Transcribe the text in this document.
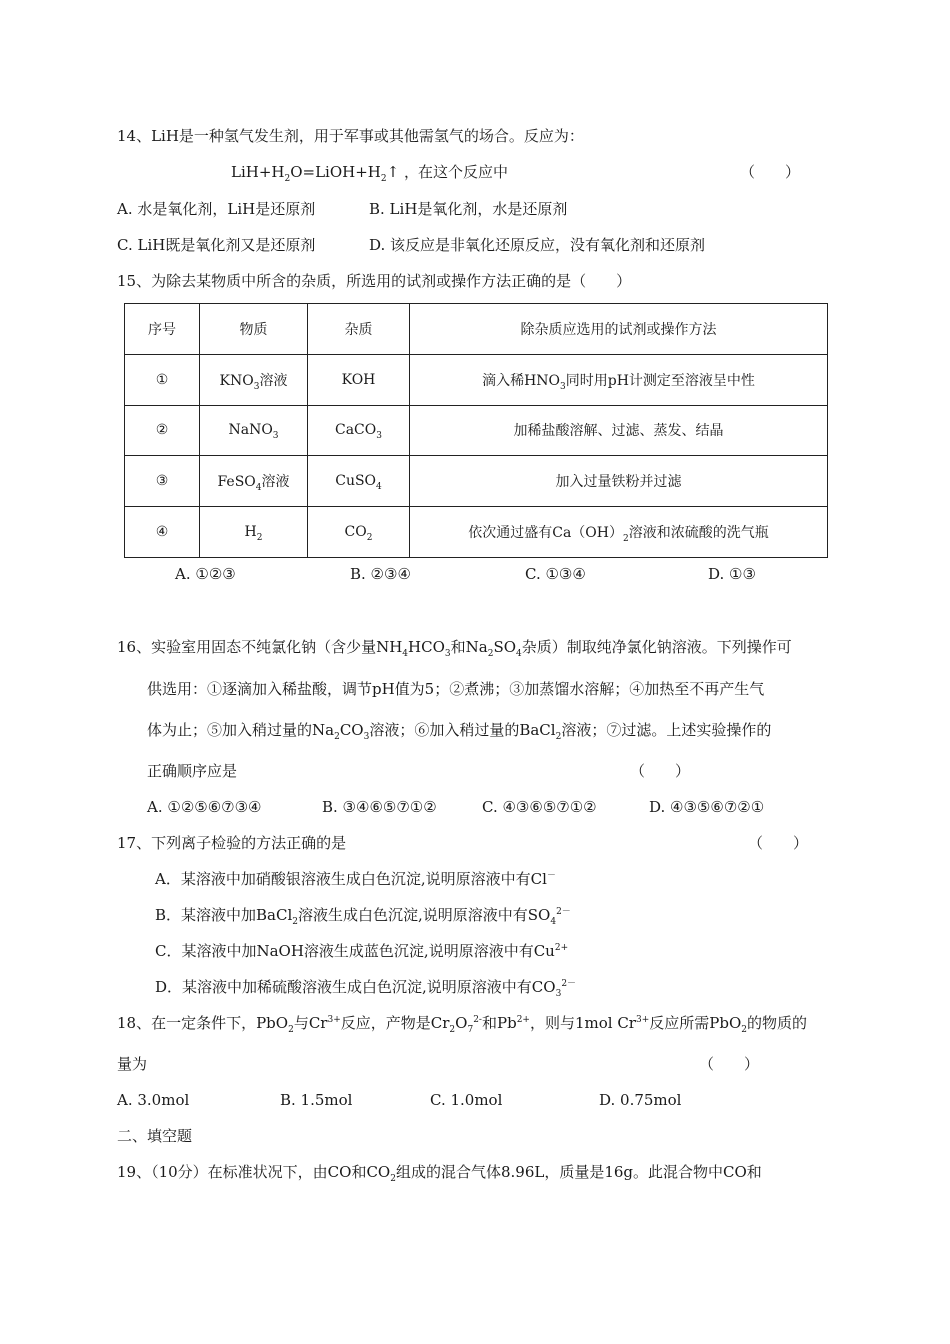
14、LiH是一种氢气发生剂，用于军事或其他需氢气的场合。反应为：
$LiH+H_2O=LiOH+H_2↑$ ， 在这个反应中	（　　）
A. 水是氧化剂，LiH是还原剂	B. LiH是氧化剂，水是还原剂
C. LiH既是氧化剂又是还原剂	D. 该反应是非氧化还原反应，没有氧化剂和还原剂
15、为除去某物质中所含的杂质，所选用的试剂或操作方法正确的是（　　）
序号	物质	杂质	除杂质应选用的试剂或操作方法
①	$KNO_3$溶液	KOH	滴入稀$HNO_3$同时用pH计测定至溶液呈中性
②	NaNO$_3$	CaCO$_3$	加稀盐酸溶解、过滤、蒸发、结晶
③	FeSO$_4$溶液	CuSO$_4$	加入过量铁粉并过滤
④	$H_2$	$CO_2$	依次通过盛有$Ca(OH)_2$溶液和浓硫酸的洗气瓶
A. ①②③	B. ②③④	C. ①③④	D. ①③
16、实验室用固态不纯氯化钠（含少量$NH_4HCO_3$和$Na_2SO_4$杂质）制取纯净氯化钠溶液。下列操作可
供选用：①逐滴加入稀盐酸，调节pH值为5；②煮沸；③加蒸馏水溶解；④加热至不再产生气
体为止；⑤加入稍过量的$Na_2CO_3$溶液；⑥加入稍过量的BaCl$_2$溶液；⑦过滤。上述实验操作的
正确顺序应是	（　　）
A. ①②⑤⑥⑦③④	B. ③④⑥⑤⑦①②	C. ④③⑥⑤⑦①②	D. ④③⑤⑥⑦②①
17、下列离子检验的方法正确的是	（　　）
A．某溶液中加硝酸银溶液生成白色沉淀,说明原溶液中有Cl－
B．某溶液中加BaCl$_2$溶液生成白色沉淀,说明原溶液中有$SO_4^{2-}$
C．某溶液中加NaOH溶液生成蓝色沉淀,说明原溶液中有$Cu^{2+}$
D．某溶液中加稀硫酸溶液生成白色沉淀,说明原溶液中有$CO_3^{2-}$
18、在一定条件下，PbO$_2$与$Cr^{3+}$反应，产物是$Cr_2O_7^{2-}$和$Pb^{2+}$，则与1mol $Cr^{3+}$反应所需PbO$_2$的物质的
量为	（　　）
A. 3.0mol	B. 1.5mol	C. 1.0mol	D. 0.75mol
二、填空题
19、（10分）在标准状况下，由CO和$CO_2$组成的混合气体8.96L，质量是16g。此混合物中CO和
